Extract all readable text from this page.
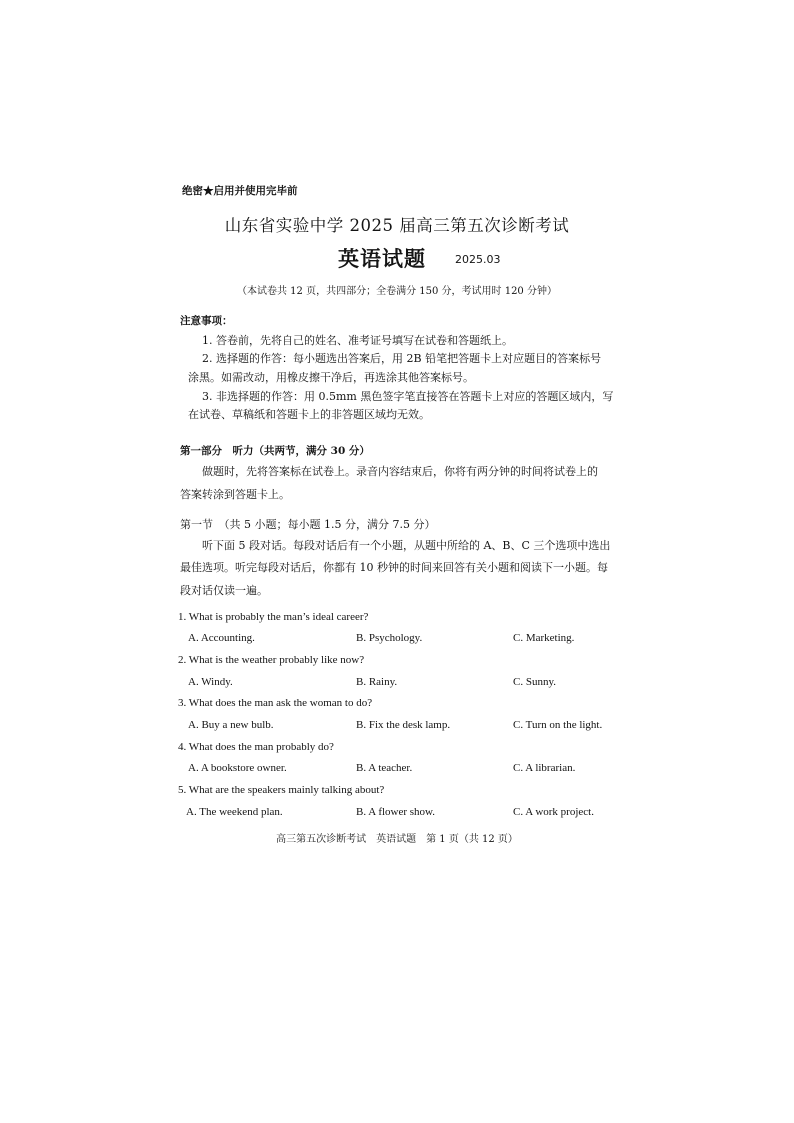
绝密★启用并使用完毕前
山东省实验中学 2025 届高三第五次诊断考试
英语试题	2025.03
（本试卷共 12 页，共四部分；全卷满分 150 分，考试用时 120 分钟）
注意事项：
1. 答卷前，先将自己的姓名、准考证号填写在试卷和答题纸上。
2. 选择题的作答：每小题选出答案后，用 2B 铅笔把答题卡上对应题目的答案标号
涂黑。如需改动，用橡皮擦干净后，再选涂其他答案标号。
3. 非选择题的作答：用 0.5mm 黑色签字笔直接答在答题卡上对应的答题区域内，写
在试卷、草稿纸和答题卡上的非答题区域均无效。
第一部分　听力（共两节，满分 30 分）
做题时，先将答案标在试卷上。录音内容结束后，你将有两分钟的时间将试卷上的
答案转涂到答题卡上。
第一节　（共 5 小题；每小题 1.5 分，满分 7.5 分）
听下面 5 段对话。每段对话后有一个小题，从题中所给的 A、B、C 三个选项中选出
最佳选项。听完每段对话后，你都有 10 秒钟的时间来回答有关小题和阅读下一小题。每
段对话仅读一遍。
1. What is probably the man’s ideal career?
A. Accounting.	B. Psychology.	C. Marketing.
2. What is the weather probably like now?
A. Windy.	B. Rainy.	C. Sunny.
3. What does the man ask the woman to do?
A. Buy a new bulb.	B. Fix the desk lamp.	C. Turn on the light.
4. What does the man probably do?
A. A bookstore owner.	B. A teacher.	C. A librarian.
5. What are the speakers mainly talking about?
A. The weekend plan.	B. A flower show.	C. A work project.
高三第五次诊断考试　英语试题　第 1 页（共 12 页）
